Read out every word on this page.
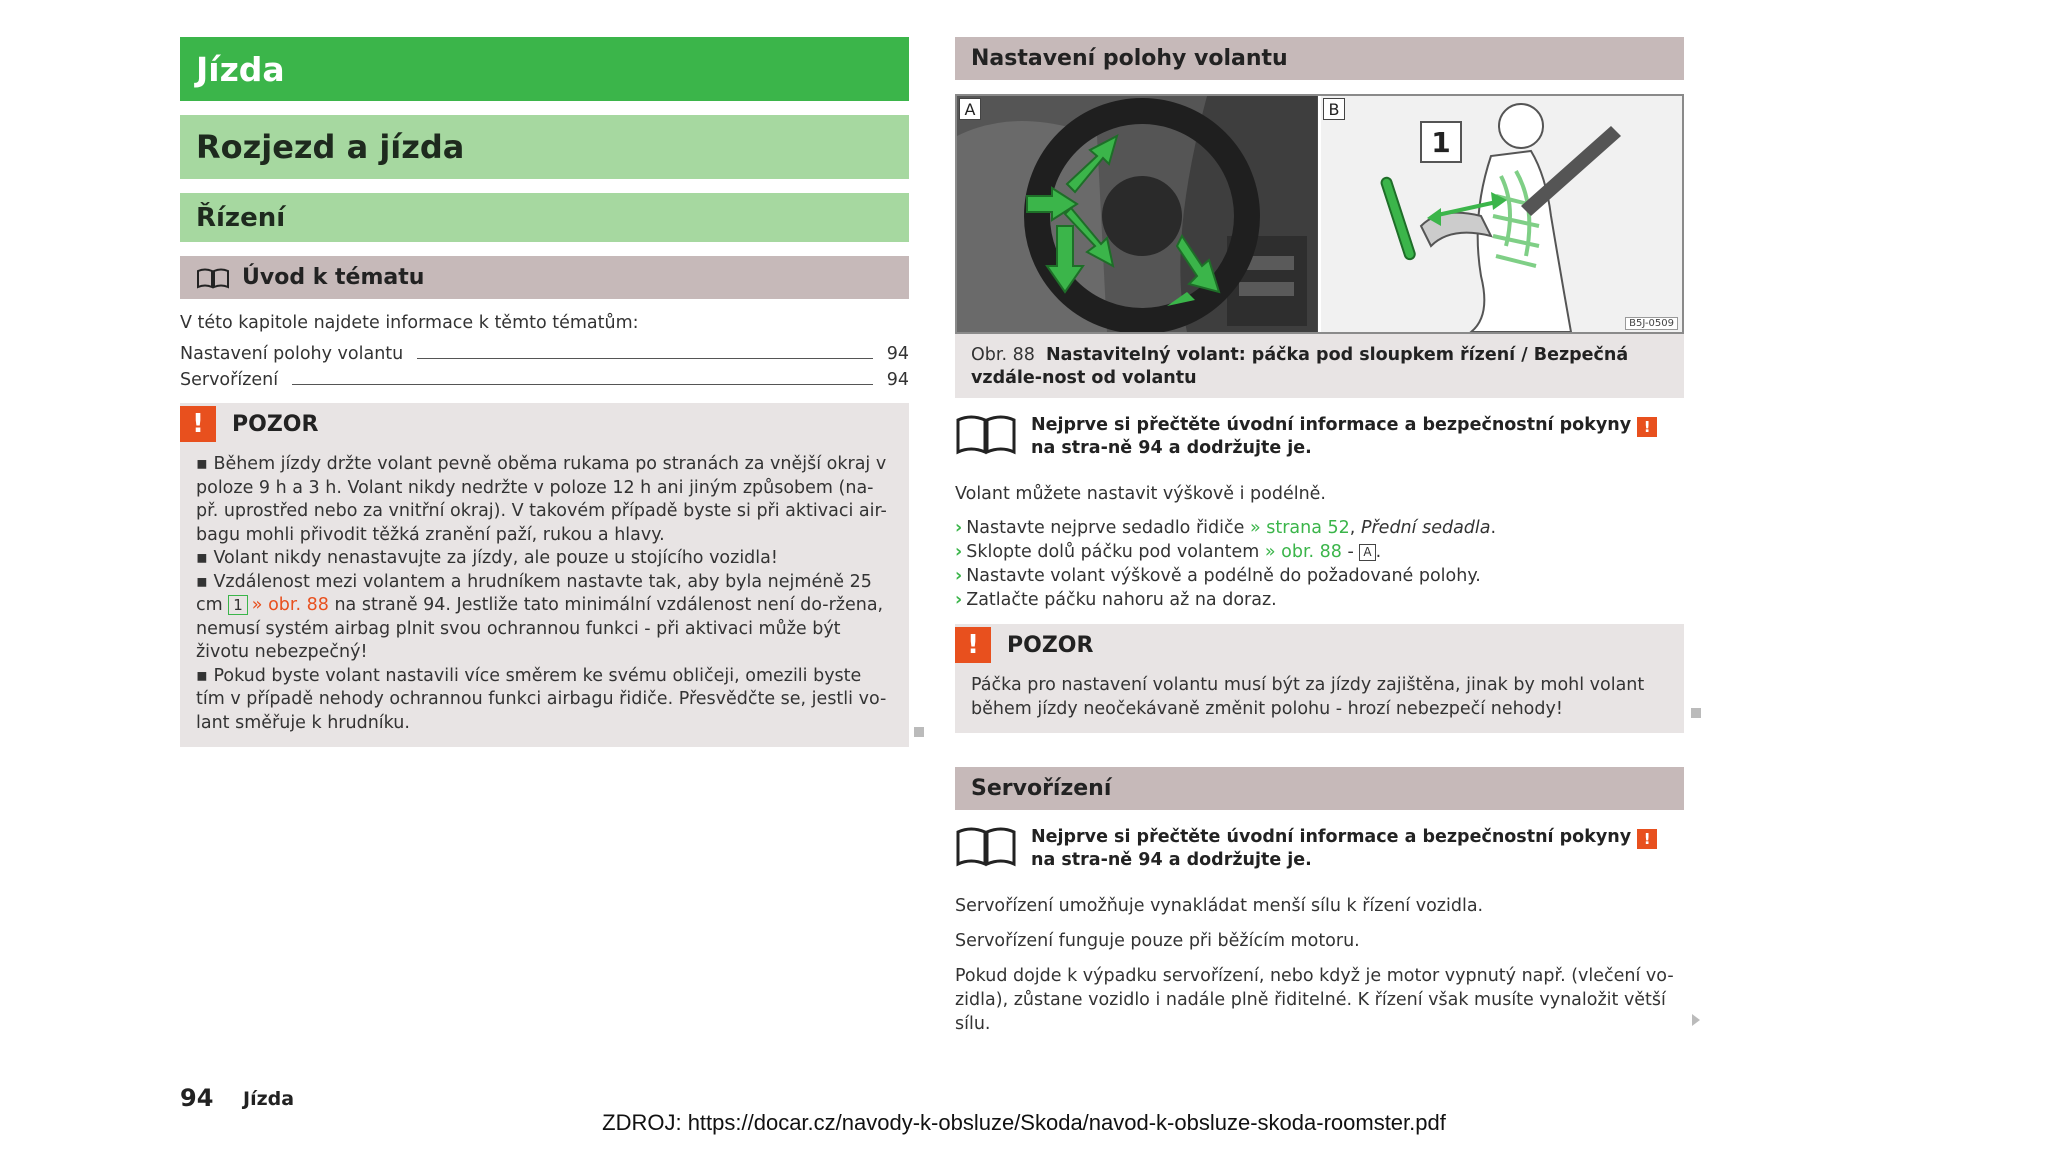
Jízda
Rozjezd a jízda
Řízení
Úvod k tématu

V této kapitole najdete informace k těmto tématům:

Nastavení polohy volantu	94
Servořízení	94
!	POZOR
▪ Během jízdy držte volant pevně oběma rukama po stranách za vnější okraj v poloze 9 h a 3 h. Volant nikdy nedržte v poloze 12 h ani jiným způsobem (na-př. uprostřed nebo za vnitřní okraj). V takovém případě byste si při aktivaci air-bagu mohli přivodit těžká zranění paží, rukou a hlavy.
▪ Volant nikdy nenastavujte za jízdy, ale pouze u stojícího vozidla!
▪ Vzdálenost mezi volantem a hrudníkem nastavte tak, aby byla nejméně 25 cm 1 » obr. 88 na straně 94. Jestliže tato minimální vzdálenost není do-ržena, nemusí systém airbag plnit svou ochrannou funkci - při aktivaci může být životu nebezpečný!
▪ Pokud byste volant nastavili více směrem ke svému obličeji, omezili byste tím v případě nehody ochrannou funkci airbagu řidiče. Přesvědčte se, jestli vo-lant směřuje k hrudníku.
Nastavení polohy volantu
A
1
B
B5J-0509
Obr. 88 Nastavitelný volant: páčka pod sloupkem řízení / Bezpečná vzdále-nost od volantu
Nejprve si přečtěte úvodní informace a bezpečnostní pokyny ! na stra-ně 94 a dodržujte je.

Volant můžete nastavit výškově i podélně.

› Nastavte nejprve sedadlo řidiče » strana 52, Přední sedadla.
› Sklopte dolů páčku pod volantem » obr. 88 - A .
› Nastavte volant výškově a podélně do požadované polohy.
› Zatlačte páčku nahoru až na doraz.
!	POZOR
Páčka pro nastavení volantu musí být za jízdy zajištěna, jinak by mohl volant během jízdy neočekávaně změnit polohu - hrozí nebezpečí nehody!
Servořízení
Nejprve si přečtěte úvodní informace a bezpečnostní pokyny ! na stra-ně 94 a dodržujte je.

Servořízení umožňuje vynakládat menší sílu k řízení vozidla.

Servořízení funguje pouze při běžícím motoru.

Pokud dojde k výpadku servořízení, nebo když je motor vypnutý např. (vlečení vo-zidla), zůstane vozidlo i nadále plně řiditelné. K řízení však musíte vynaložit větší sílu.

94 Jízda
ZDROJ: https://docar.cz/navody-k-obsluze/Skoda/navod-k-obsluze-skoda-roomster.pdf
